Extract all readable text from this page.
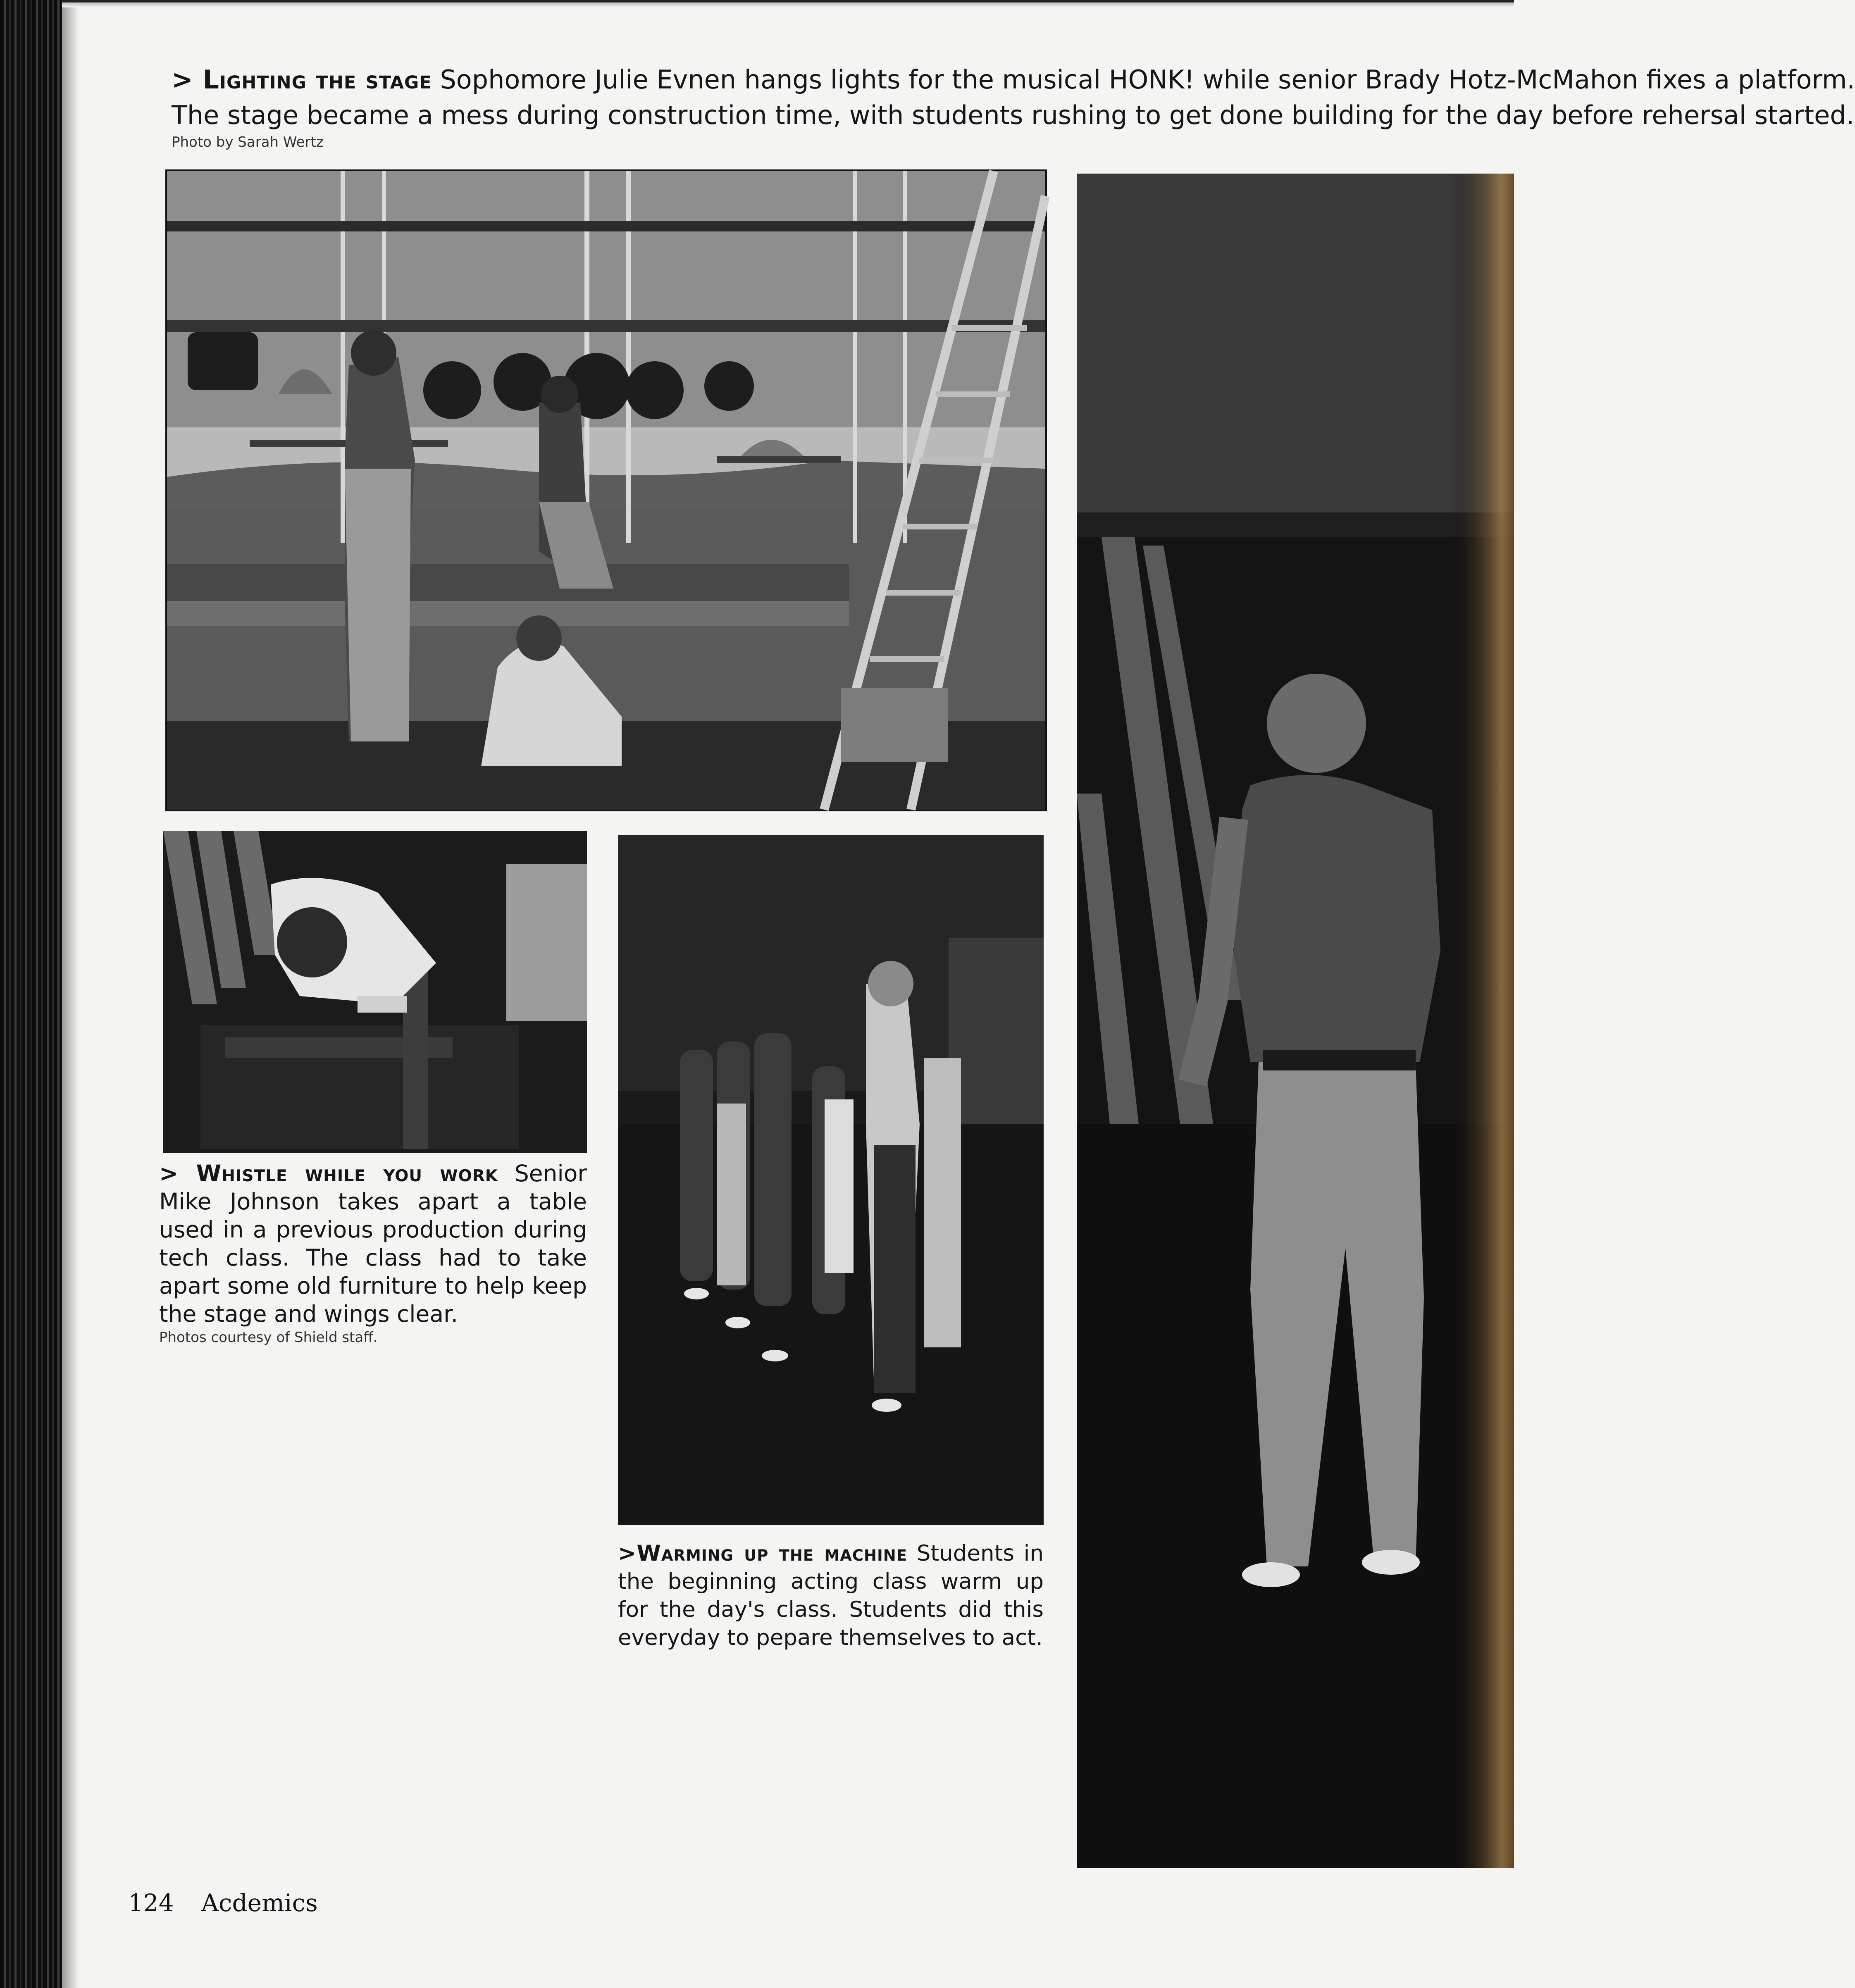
> Lighting the stage Sophomore Julie Evnen hangs lights for the musical HONK! while senior Brady Hotz-McMahon fixes a platform.
The stage became a mess during construction time, with students rushing to get done building for the day before rehersal started.
Photo by Sarah Wertz

> Whistle while you work Senior Mike Johnson takes apart a table used in a previous production during tech class. The class had to take apart some old furniture to help keep the stage and wings clear.
Photos courtesy of Shield staff.

>Warming up the machine Students in the beginning acting class warm up for the day's class. Students did this everyday to pepare themselves to act.

124 Acdemics
